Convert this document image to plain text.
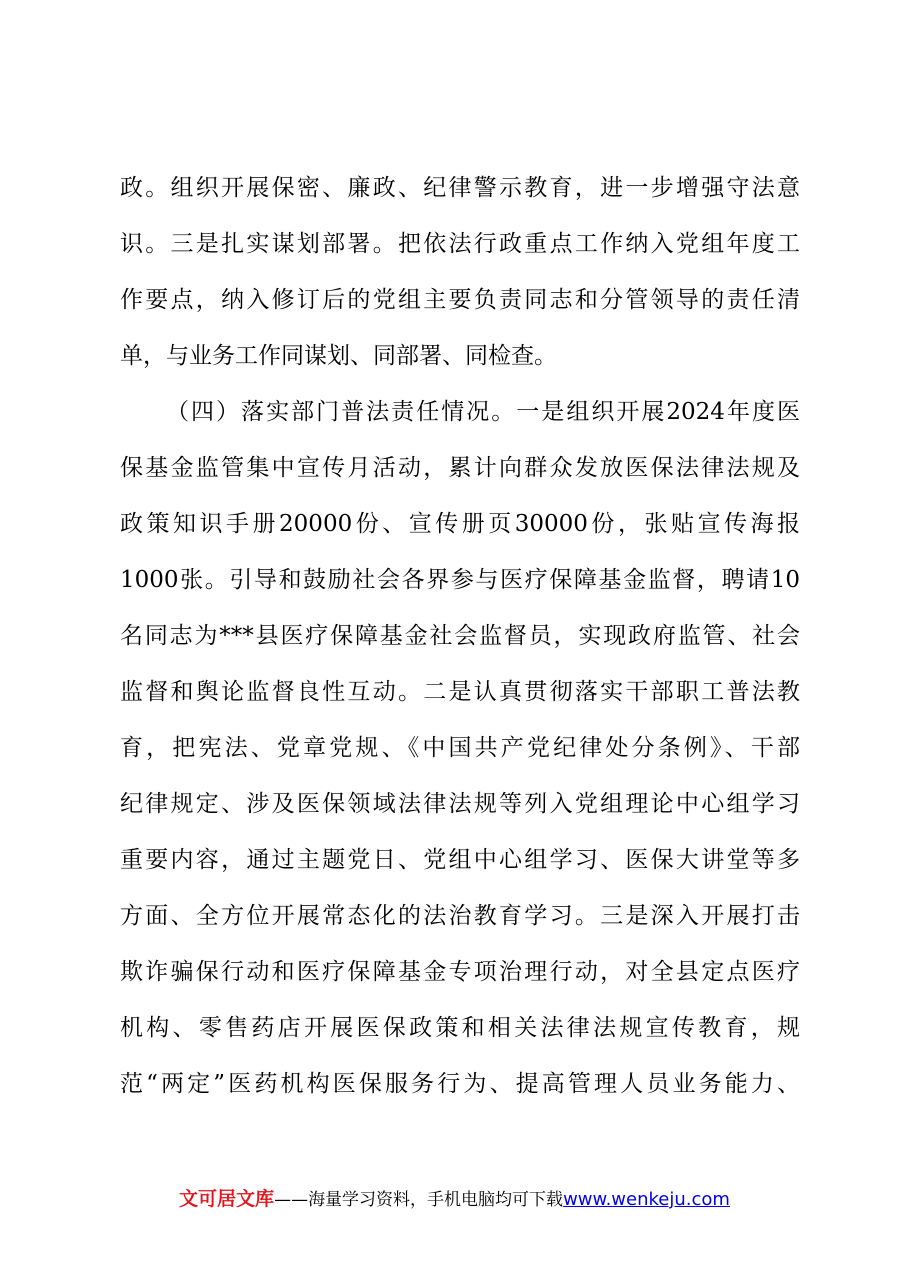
政。组织开展保密、廉政、纪律警示教育，进一步增强守法意
识。三是扎实谋划部署。把依法行政重点工作纳入党组年度工
作要点，纳入修订后的党组主要负责同志和分管领导的责任清
单，与业务工作同谋划、同部署、同检查。
（四）落实部门普法责任情况。一是组织开展2024年度医
保基金监管集中宣传月活动，累计向群众发放医保法律法规及
政策知识手册20000份、宣传册页30000份，张贴宣传海报
1000张。引导和鼓励社会各界参与医疗保障基金监督，聘请10
名同志为***县医疗保障基金社会监督员，实现政府监管、社会
监督和舆论监督良性互动。二是认真贯彻落实干部职工普法教
育，把宪法、党章党规、《中国共产党纪律处分条例》、干部
纪律规定、涉及医保领域法律法规等列入党组理论中心组学习
重要内容，通过主题党日、党组中心组学习、医保大讲堂等多
方面、全方位开展常态化的法治教育学习。三是深入开展打击
欺诈骗保行动和医疗保障基金专项治理行动，对全县定点医疗
机构、零售药店开展医保政策和相关法律法规宣传教育，规
范“两定”医药机构医保服务行为、提高管理人员业务能力、
文可居文库——海量学习资料，手机电脑均可下载www.wenkeju.com
